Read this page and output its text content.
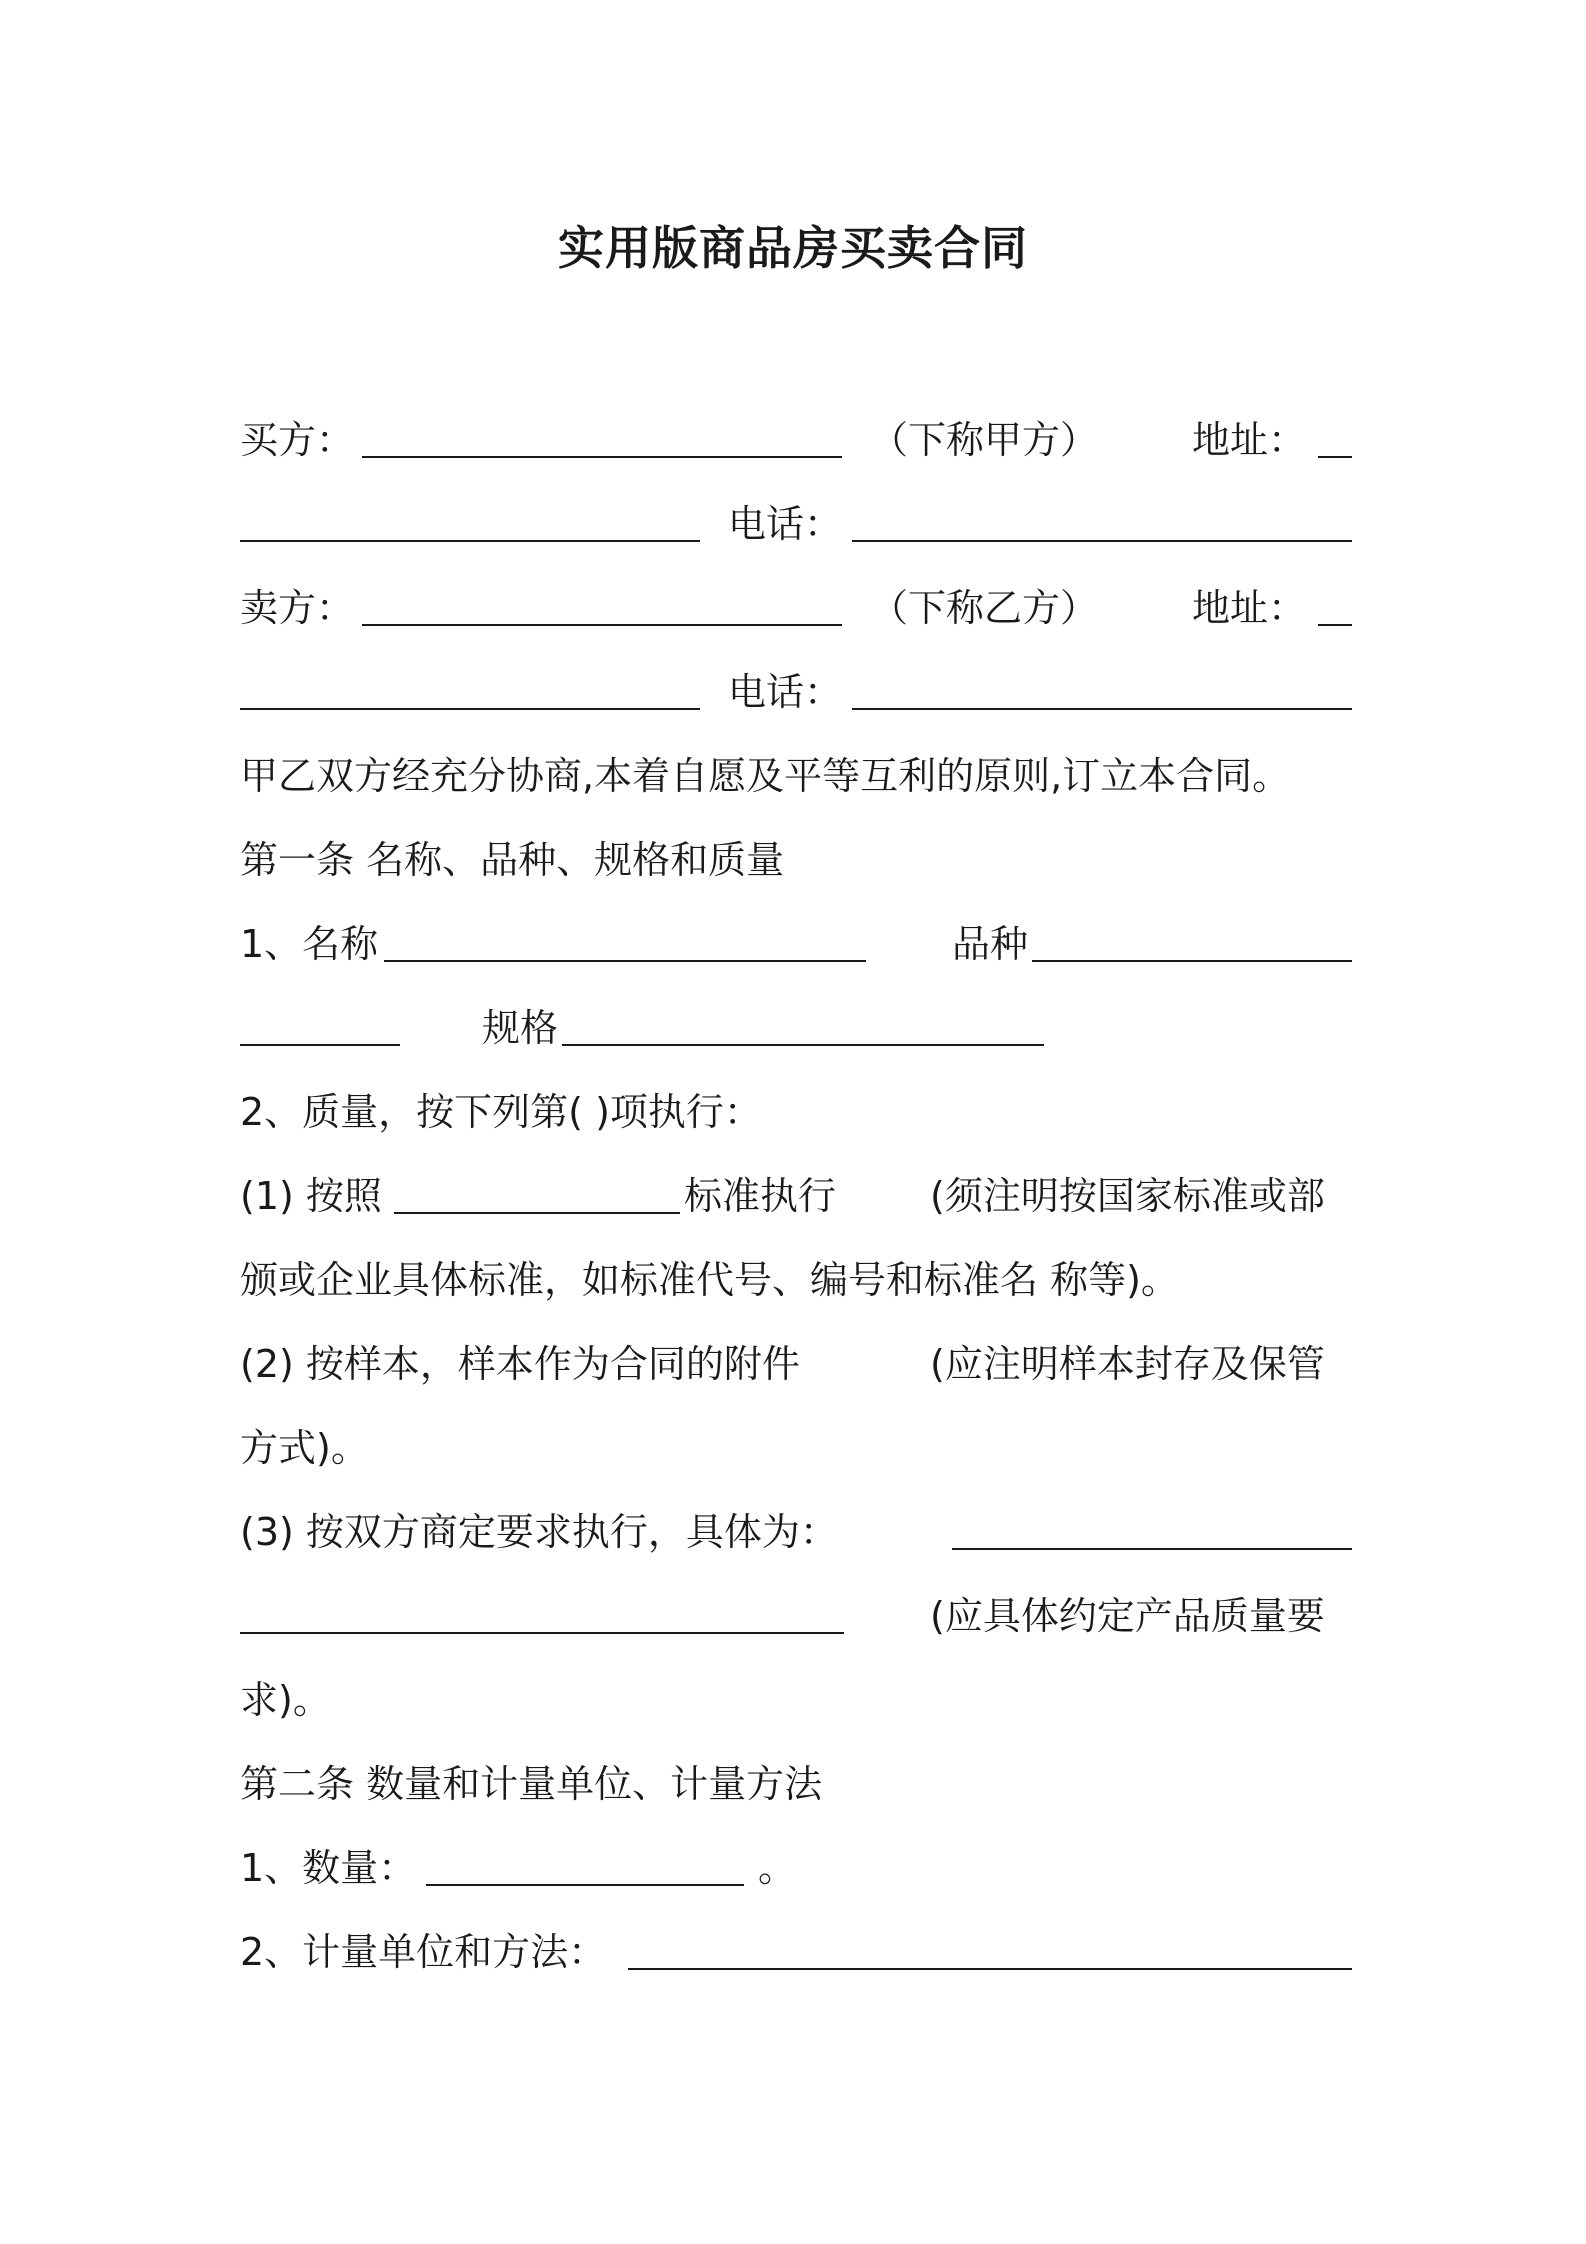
实用版商品房买卖合同
买方：	（下称甲方） 地址：
电话：
卖方：	（下称乙方） 地址：
电话：
甲乙双方经充分协商,本着自愿及平等互利的原则,订立本合同。
第一条 名称、品种、规格和质量
1、名称	品种
规格
2、质量，按下列第( )项执行：
(1) 按照	标准执行 (须注明按国家标准或部
颁或企业具体标准，如标准代号、编号和标准名 称等)。
(2) 按样本，样本作为合同的附件	(应注明样本封存及保管
方式)。
(3) 按双方商定要求执行，具体为：
(应具体约定产品质量要
求)。
第二条 数量和计量单位、计量方法
1、数量：	。
2、计量单位和方法：
